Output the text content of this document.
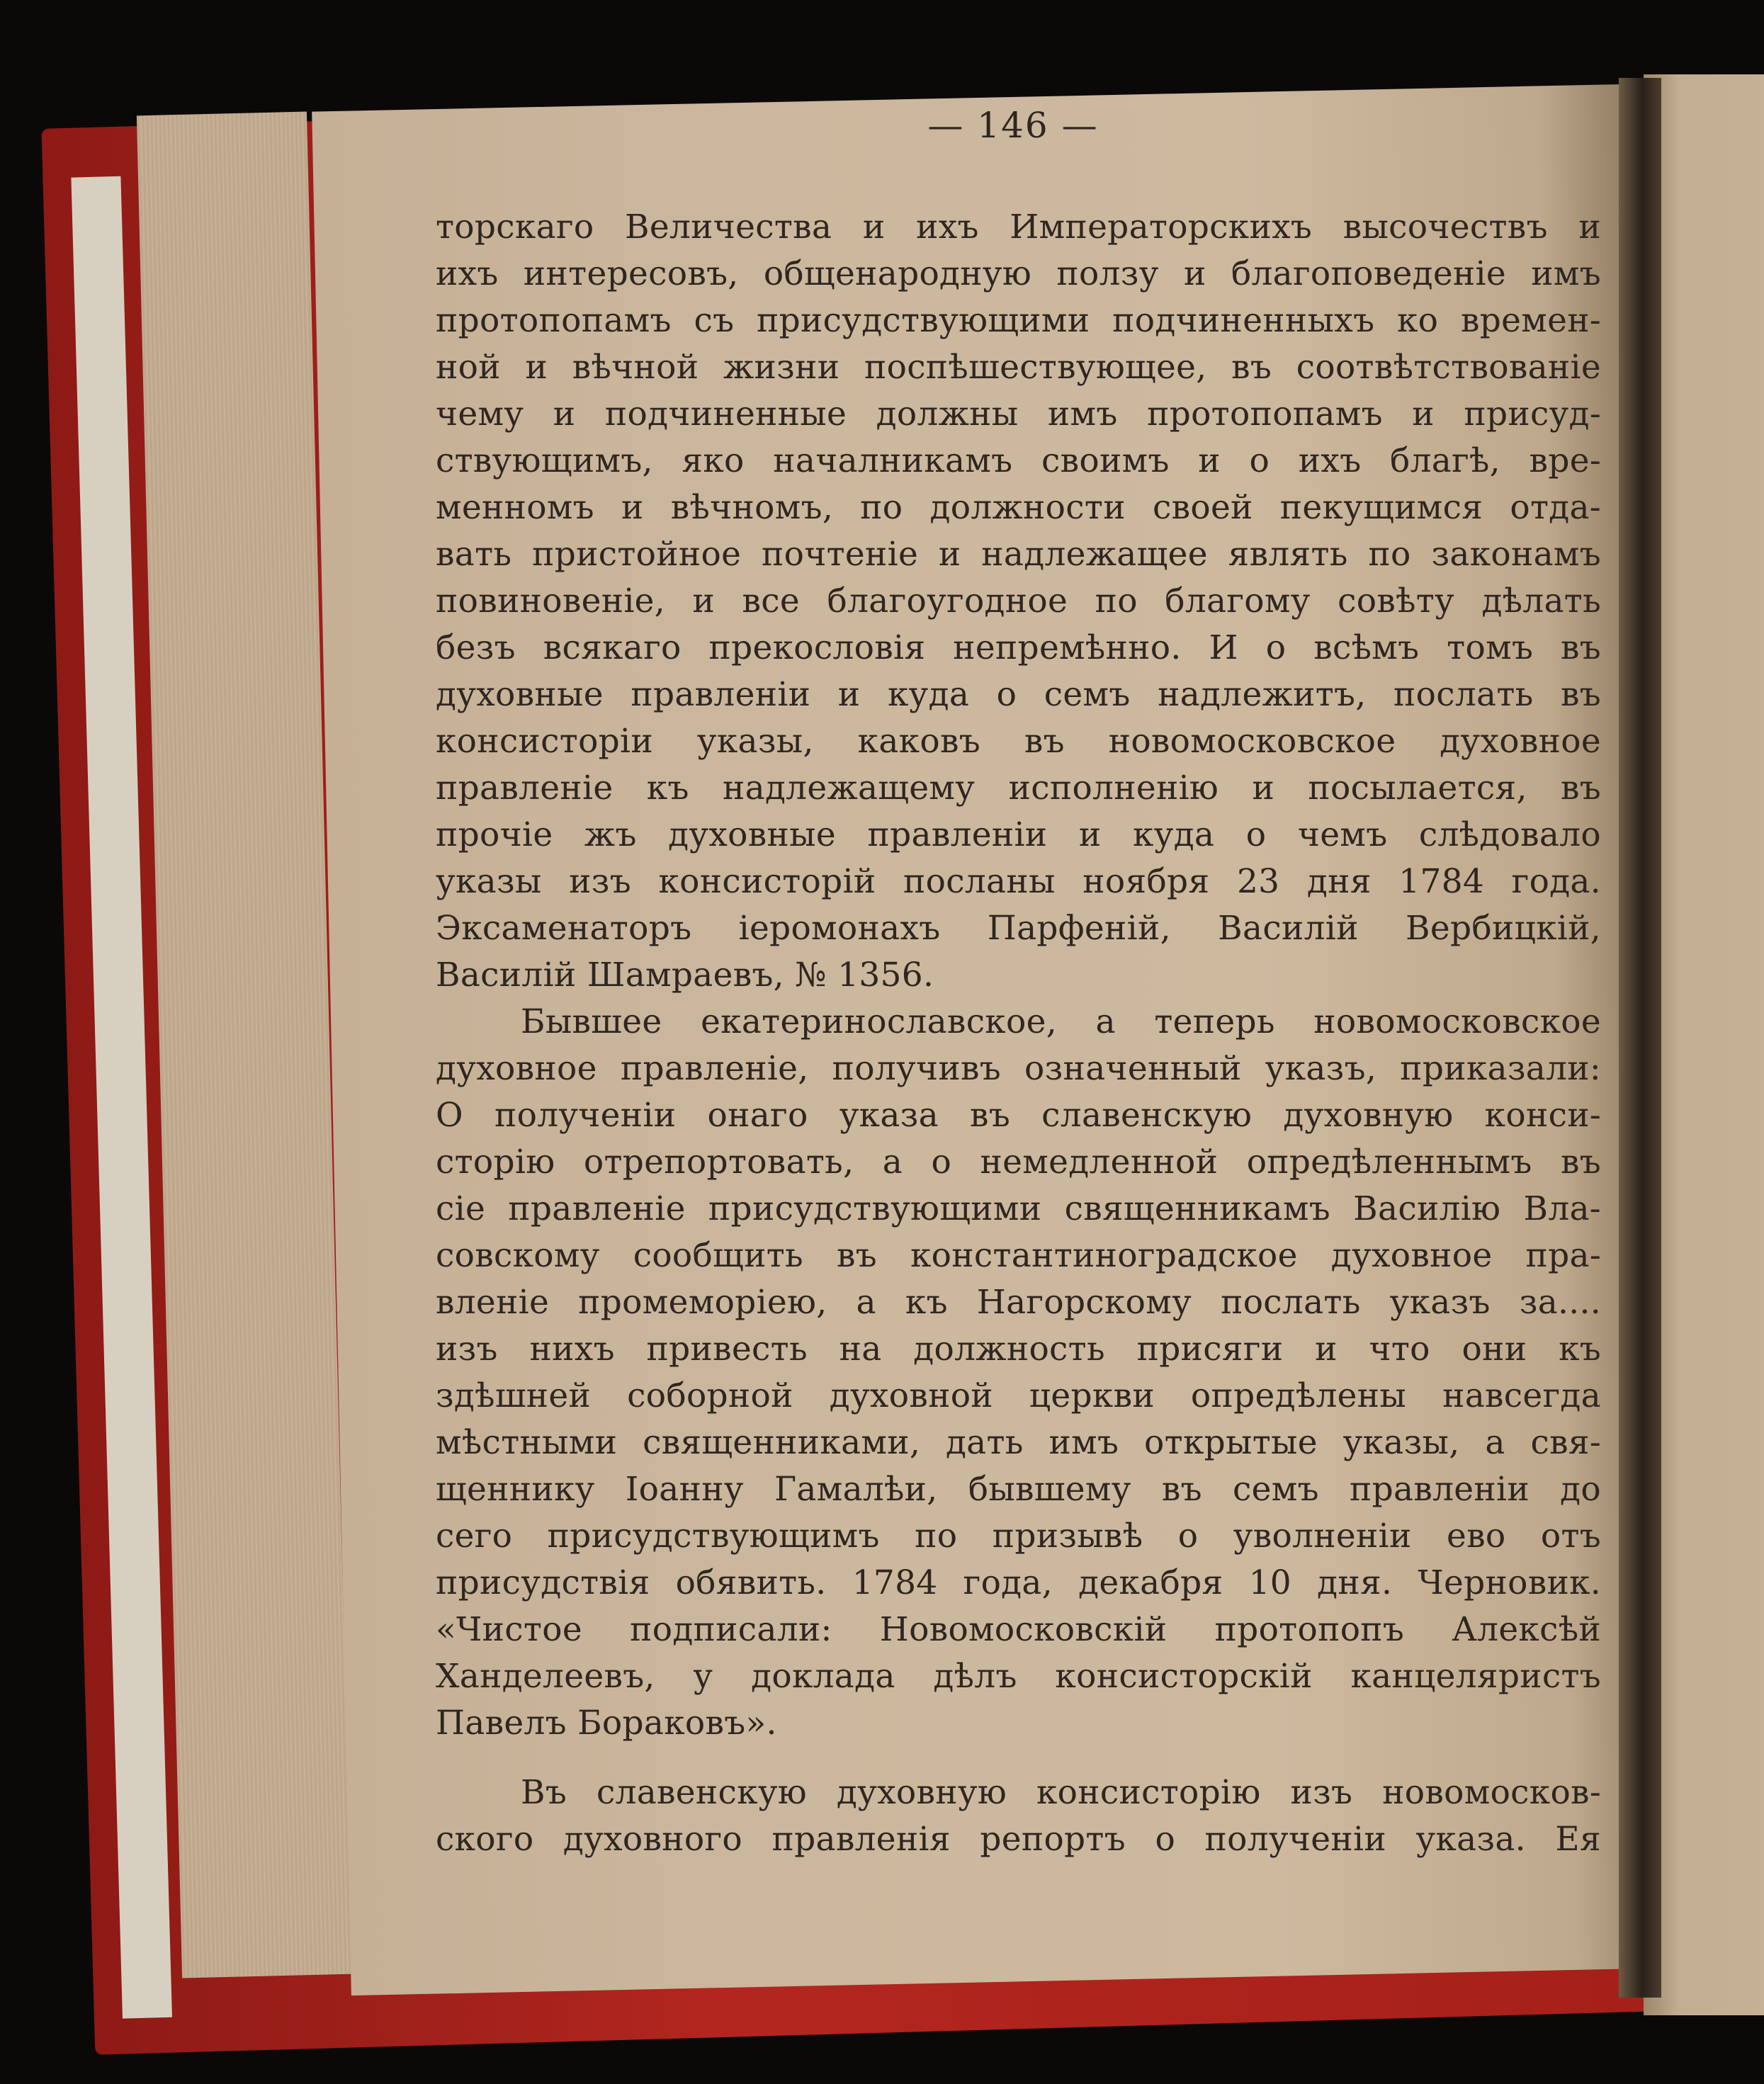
— 146 —
торскаго Величества и ихъ Императорскихъ высочествъ и
ихъ интересовъ, общенародную ползу и благоповеденіе имъ
протопопамъ съ присудствующими подчиненныхъ ко времен-
ной и вѣчной жизни поспѣшествующее, въ соотвѣтствованіе
чему и подчиненные должны имъ протопопамъ и присуд-
ствующимъ, яко началникамъ своимъ и о ихъ благѣ, вре-
менномъ и вѣчномъ, по должности своей пекущимся отда-
вать пристойное почтеніе и надлежащее являть по законамъ
повиновеніе, и все благоугодное по благому совѣту дѣлать
безъ всякаго прекословія непремѣнно. И о всѣмъ томъ въ
духовные правленіи и куда о семъ надлежитъ, послать въ
консисторіи указы, каковъ въ новомосковское духовное
правленіе къ надлежащему исполненію и посылается, въ
прочіе жъ духовные правленіи и куда о чемъ слѣдовало
указы изъ консисторій посланы ноября 23 дня 1784 года.
Эксаменаторъ іеромонахъ Парфеній, Василій Вербицкій,
Василій Шамраевъ, № 1356.
Бывшее екатеринославское, а теперь новомосковское
духовное правленіе, получивъ означенный указъ, приказали:
О полученіи онаго указа въ славенскую духовную конси-
сторію отрепортовать, а о немедленной опредѣленнымъ въ
сіе правленіе присудствующими священникамъ Василію Вла-
совскому сообщить въ константиноградское духовное пра-
вленіе промеморіею, а къ Нагорскому послать указъ за....
изъ нихъ привесть на должность присяги и что они къ
здѣшней соборной духовной церкви опредѣлены навсегда
мѣстными священниками, дать имъ открытые указы, а свя-
щеннику Іоанну Гамалѣи, бывшему въ семъ правленіи до
сего присудствующимъ по призывѣ о уволненіи ево отъ
присудствія обявить. 1784 года, декабря 10 дня. Черновик.
«Чистое подписали: Новомосковскій протопопъ Алексѣй
Ханделеевъ, у доклада дѣлъ консисторскій канцеляристъ
Павелъ Бораковъ».
Въ славенскую духовную консисторію изъ новомосков-
ского духовного правленія репортъ о полученіи указа. Ея
